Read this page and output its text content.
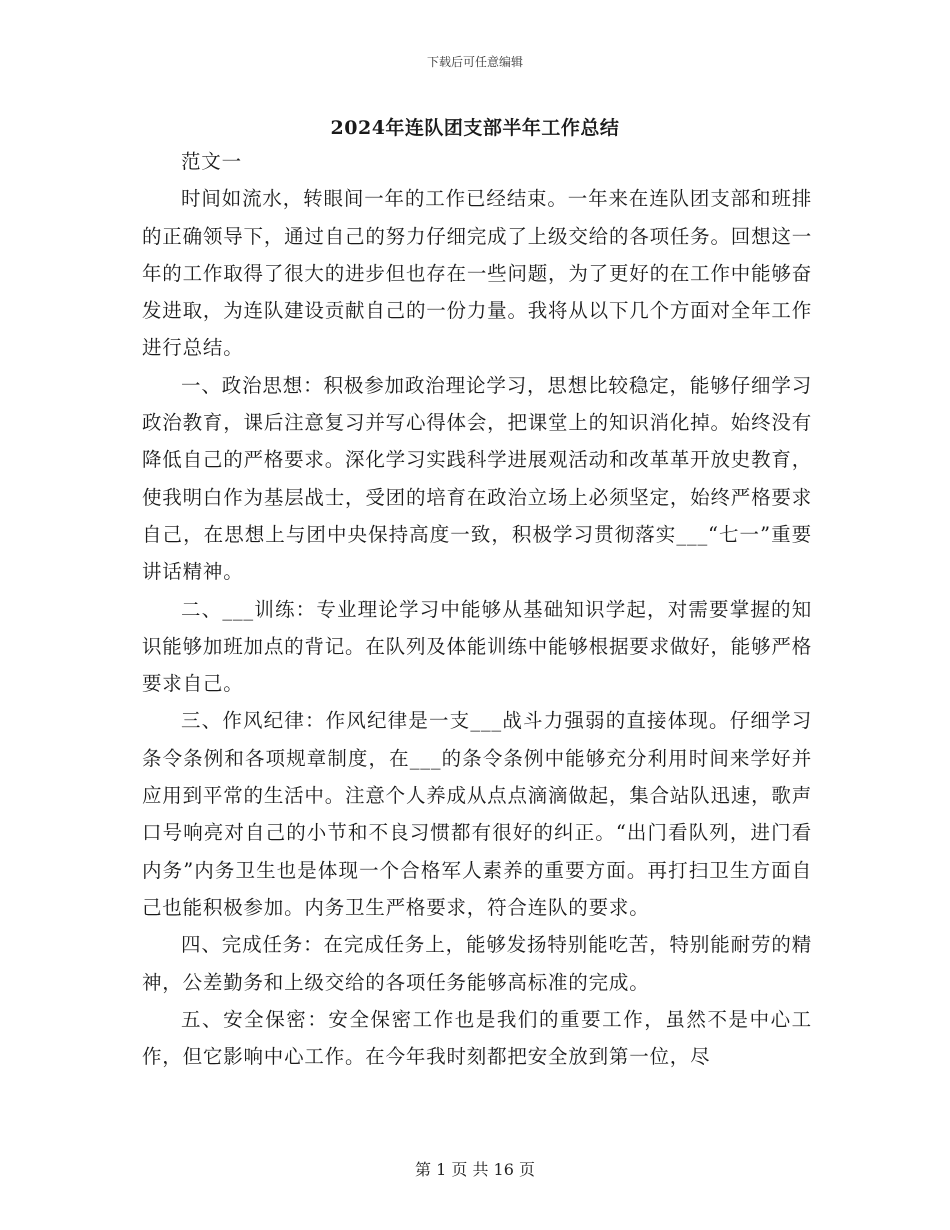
下载后可任意编辑
2024年连队团支部半年工作总结

范文一

时间如流水，转眼间一年的工作已经结束。一年来在连队团支部和班排的正确领导下，通过自己的努力仔细完成了上级交给的各项任务。回想这一年的工作取得了很大的进步但也存在一些问题，为了更好的在工作中能够奋发进取，为连队建设贡献自己的一份力量。我将从以下几个方面对全年工作进行总结。

一、政治思想：积极参加政治理论学习，思想比较稳定，能够仔细学习政治教育，课后注意复习并写心得体会，把课堂上的知识消化掉。始终没有降低自己的严格要求。深化学习实践科学进展观活动和改革革开放史教育，使我明白作为基层战士，受团的培育在政治立场上必须坚定，始终严格要求自己，在思想上与团中央保持高度一致，积极学习贯彻落实___“七一”重要讲话精神。

二、___训练：专业理论学习中能够从基础知识学起，对需要掌握的知识能够加班加点的背记。在队列及体能训练中能够根据要求做好，能够严格要求自己。

三、作风纪律：作风纪律是一支___战斗力强弱的直接体现。仔细学习条令条例和各项规章制度，在___的条令条例中能够充分利用时间来学好并应用到平常的生活中。注意个人养成从点点滴滴做起，集合站队迅速，歌声口号响亮对自己的小节和不良习惯都有很好的纠正。“出门看队列，进门看内务”内务卫生也是体现一个合格军人素养的重要方面。再打扫卫生方面自己也能积极参加。内务卫生严格要求，符合连队的要求。

四、完成任务：在完成任务上，能够发扬特别能吃苦，特别能耐劳的精神，公差勤务和上级交给的各项任务能够高标准的完成。

五、安全保密：安全保密工作也是我们的重要工作，虽然不是中心工作，但它影响中心工作。在今年我时刻都把安全放到第一位，尽

第 1 页 共 16 页
